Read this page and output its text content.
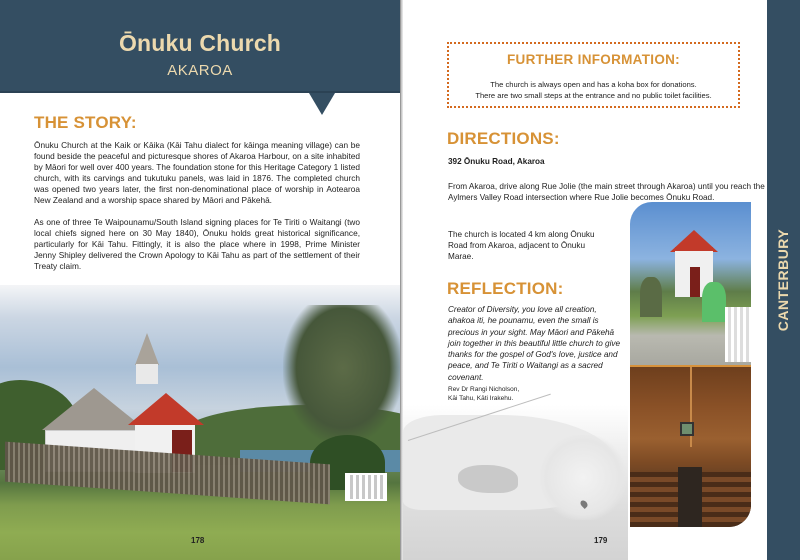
Ōnuku Church
AKAROA
THE STORY:

Ōnuku Church at the Kaik or Kāika (Kāi Tahu dialect for kāinga meaning village) can be found beside the peaceful and picturesque shores of Akaroa Harbour, on a site inhabited by Māori for well over 400 years. The foundation stone for this Heritage Category 1 listed church, with its carvings and tukutuku panels, was laid in 1876. The completed church was opened two years later, the first non-denominational place of worship in Aotearoa New Zealand and a worship space shared by Māori and Pākehā.

As one of three Te Waipounamu/South Island signing places for Te Tiriti o Waitangi (two local chiefs signed here on 30 May 1840), Ōnuku holds great historical significance, particularly for Kāi Tahu. Fittingly, it is also the place where in 1998, Prime Minister Jenny Shipley delivered the Crown Apology to Kāi Tahu as part of the settlement of their Treaty claim.

178
FURTHER INFORMATION:
The church is always open and has a koha box for donations.
There are two small steps at the entrance and no public toilet facilities.
DIRECTIONS:
392 Ōnuku Road, Akaroa
From Akaroa, drive along Rue Jolie (the main street through Akaroa) until you reach the Aylmers Valley Road intersection where Rue Jolie becomes Ōnuku Road.
The church is located 4 km along Ōnuku Road from Akaroa, adjacent to Ōnuku Marae.
REFLECTION:
Creator of Diversity, you love all creation, ahakoa iti, he pounamu, even the small is precious in your sight. May Māori and Pākehā join together in this beautiful little church to give thanks for the gospel of God's love, justice and peace, and Te Tiriti o Waitangi as a sacred covenant.
Rev Dr Rangi Nicholson,
Kāi Tahu, Kāti Irakehu.
179
CANTERBURY
